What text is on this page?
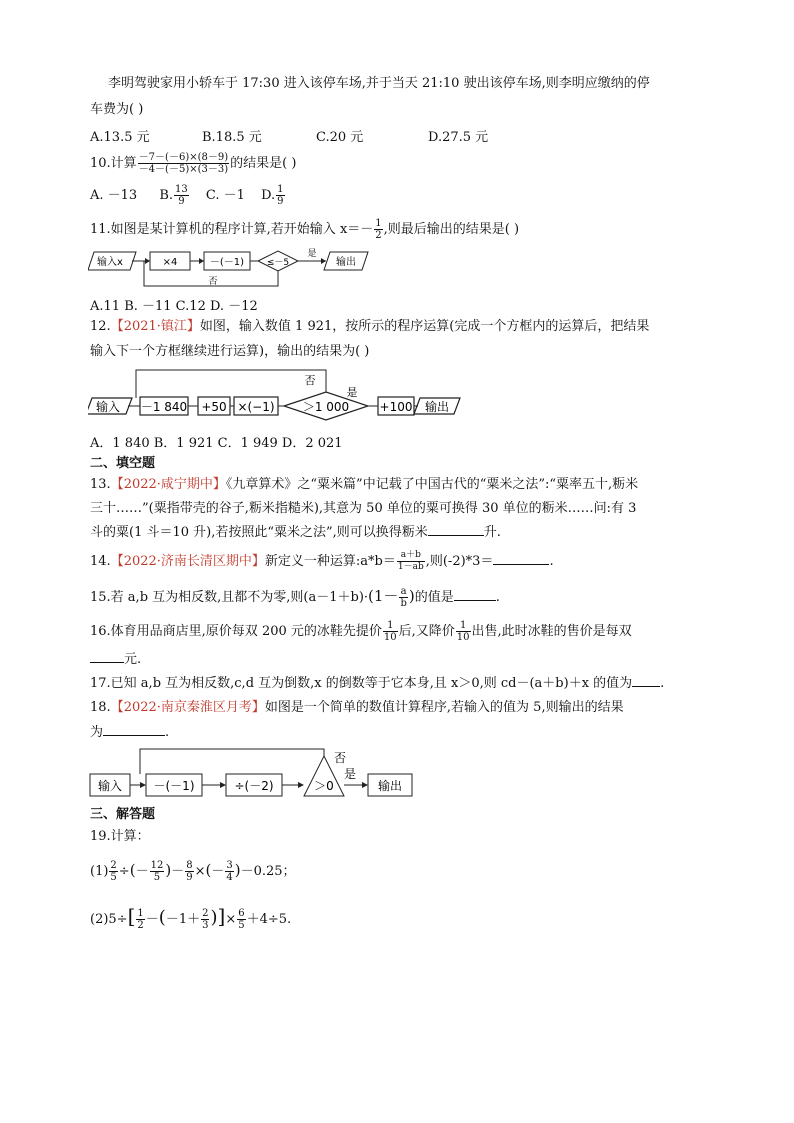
李明驾驶家用小轿车于 17:30 进入该停车场,并于当天 21:10 驶出该停车场,则李明应缴纳的停
车费为( )
A.13.5 元	B.18.5 元	C.20 元	D.27.5 元
10.计算 $\frac{-7-(-6)\times(8-9)}{-4-(-5)\times(3-3)}$ 的结果是( )
A. －13 B. $\frac{13}{9} C$. －1 D. $\frac{1}{9}$
11.如图是某计算机的程序计算,若开始输入 $x=- \frac{1}{2}$ ,则最后输出的结果是( )
输入x	×4	－(－1)	≤－5
是
输出
否
A.11 B. －11 C.12 D. －12
12.【2021·镇江】如图，输入数值 1 921，按所示的程序运算(完成一个方框内的运算后，把结果
输入下一个方框继续进行运算)，输出的结果为( )
输入 －1 840 +50 ×(−1) ＞1 000
是
+100 输出
否
A．1 840 B．1 921 C．1 949 D．2 021
二、填空题
13.【2022·咸宁期中】《九章算术》之“粟米篇”中记载了中国古代的“粟米之法”:“粟率五十,粝米
三十……”(粟指带壳的谷子,粝米指糙米),其意为 50 单位的粟可换得 30 单位的粝米……问:有 3
斗的粟(1 斗＝10 升),若按照此“粟米之法”,则可以换得粝米	升.
14.【2022·济南长清区期中】新定义一种运算:a*b＝ $\frac{a+b}{1-ab}$ ,则(-2)*3＝	.
15.若 a,b 互为相反数,且都不为零,则$(a-1+b)\cdot(1- \frac{a}{b}$ )的值是	.
16.体育用品商店里,原价每双 200 元的冰鞋先提价 $\frac{1}{10}$ 后,又降价 $\frac{1}{10}$ 出售,此时冰鞋的售价是每双
元.
17.已知 a,b 互为相反数,c,d 互为倒数,x 的倒数等于它本身,且 x＞0,则 cd－(a＋b)＋x 的值为 .
18.【2022·南京秦淮区月考】如图是一个简单的数值计算程序,若输入的值为 5,则输出的结果
为	.
输入	－(－1)	÷(－2)	＞0
是
输出
否
三、解答题
19.计算：
$(1) \frac{2}{5}$ ÷(－ $\frac{12}{5}$ )－ $\frac{8}{9}$ ×(－ $\frac{3}{4} )-0.25$；
$(2)5\div[ \frac{1}{2} -(-1+ \frac{2}{3}$ )]× $\frac{6}{5} +4\div 5$.
